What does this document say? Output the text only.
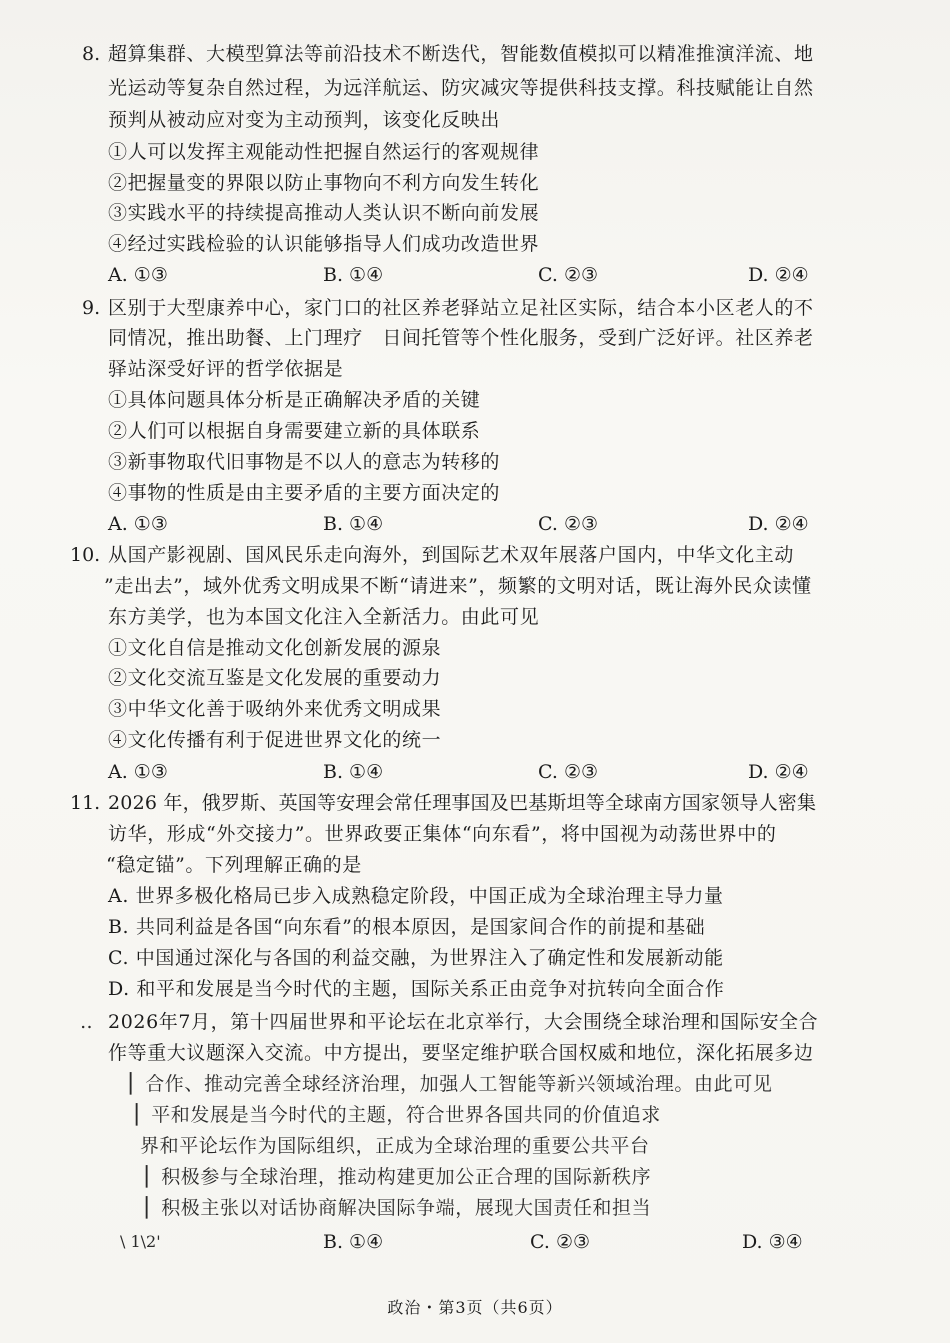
8. 超算集群、大模型算法等前沿技术不断迭代，智能数值模拟可以精准推演洋流、地
光运动等复杂自然过程，为远洋航运、防灾减灾等提供科技支撑。科技赋能让自然
预判从被动应对变为主动预判，该变化反映出
①人可以发挥主观能动性把握自然运行的客观规律
②把握量变的界限以防止事物向不利方向发生转化
③实践水平的持续提高推动人类认识不断向前发展
④经过实践检验的认识能够指导人们成功改造世界
A. ①③	B. ①④	C. ②③	D. ②④
9. 区别于大型康养中心，家门口的社区养老驿站立足社区实际，结合本小区老人的不
同情况，推出助餐、上门理疗　日间托管等个性化服务，受到广泛好评。社区养老
驿站深受好评的哲学依据是
①具体问题具体分析是正确解决矛盾的关键
②人们可以根据自身需要建立新的具体联系
③新事物取代旧事物是不以人的意志为转移的
④事物的性质是由主要矛盾的主要方面决定的
A. ①③	B. ①④	C. ②③	D. ②④
10. 从国产影视剧、国风民乐走向海外，到国际艺术双年展落户国内，中华文化主动
”走出去”，域外优秀文明成果不断“请进来”，频繁的文明对话，既让海外民众读懂
东方美学，也为本国文化注入全新活力。由此可见
①文化自信是推动文化创新发展的源泉
②文化交流互鉴是文化发展的重要动力
③中华文化善于吸纳外来优秀文明成果
④文化传播有利于促进世界文化的统一
A. ①③	B. ①④	C. ②③	D. ②④
11. 2026 年，俄罗斯、英国等安理会常任理事国及巴基斯坦等全球南方国家领导人密集
访华，形成“外交接力”。世界政要正集体“向东看”，将中国视为动荡世界中的
“稳定锚”。下列理解正确的是
A. 世界多极化格局已步入成熟稳定阶段，中国正成为全球治理主导力量
B. 共同利益是各国“向东看”的根本原因，是国家间合作的前提和基础
C. 中国通过深化与各国的利益交融，为世界注入了确定性和发展新动能
D. 和平和发展是当今时代的主题，国际关系正由竞争对抗转向全面合作
‥ 2026年7月，第十四届世界和平论坛在北京举行，大会围绕全球治理和国际安全合
作等重大议题深入交流。中方提出，要坚定维护联合国权威和地位，深化拓展多边
▏合作、推动完善全球经济治理，加强人工智能等新兴领域治理。由此可见
▏平和发展是当今时代的主题，符合世界各国共同的价值追求
界和平论坛作为国际组织，正成为全球治理的重要公共平台
▏积极参与全球治理，推动构建更加公正合理的国际新秩序
▏积极主张以对话协商解决国际争端，展现大国责任和担当
\ 1\2'	B. ①④	C. ②③	D. ③④
政治・第3页（共6页）
